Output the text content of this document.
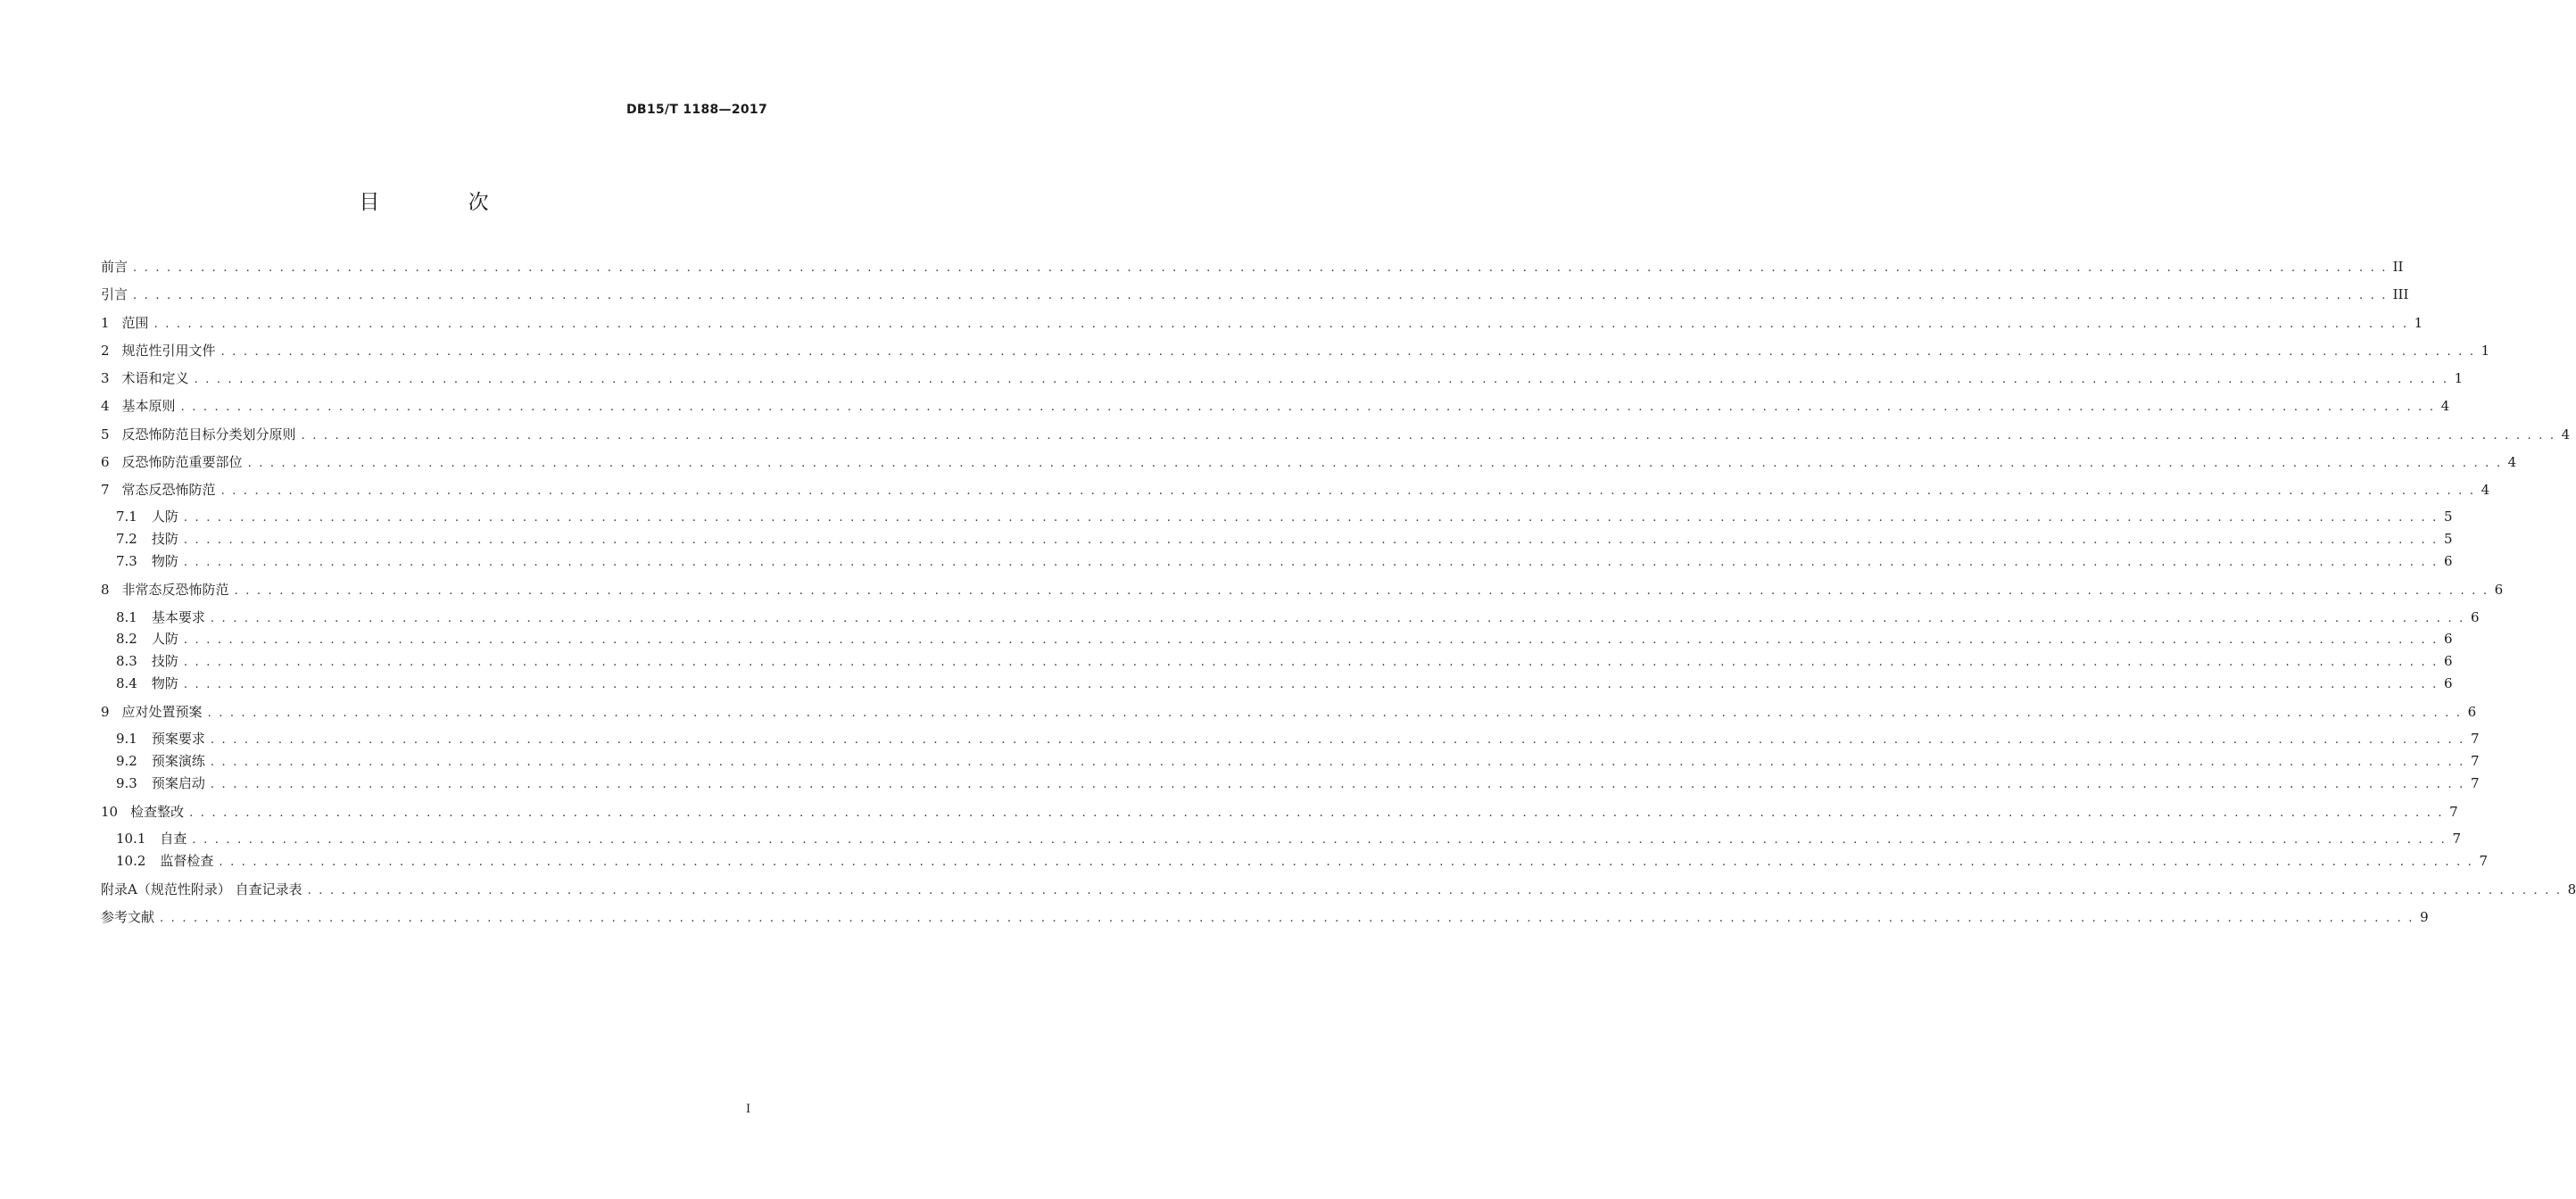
DB15/T 1188—2017
目 次
前言 . . . . . . . . . . . . . . . . . . . . . . . . . . . . . . . . . . . . . . . . . . . . . . . . . . . . . . . . . . . . . . . . . . . . . . . . . . . . . . . . . . . . . . . . . . . . . . . . . . . . . . . . . . . . . . . . . . . . . . . . . . . . . . . . . . . . . . . . . . . . . . . . . . . . . . . . . . . . . . . . . . . . . . . . . . . . . . . . . . . . . . . . . . . . . . . . . . . . . . . . II
引言 . . . . . . . . . . . . . . . . . . . . . . . . . . . . . . . . . . . . . . . . . . . . . . . . . . . . . . . . . . . . . . . . . . . . . . . . . . . . . . . . . . . . . . . . . . . . . . . . . . . . . . . . . . . . . . . . . . . . . . . . . . . . . . . . . . . . . . . . . . . . . . . . . . . . . . . . . . . . . . . . . . . . . . . . . . . . . . . . . . . . . . . . . . . . . . . . . . . . . . . . III
1 范围 . . . . . . . . . . . . . . . . . . . . . . . . . . . . . . . . . . . . . . . . . . . . . . . . . . . . . . . . . . . . . . . . . . . . . . . . . . . . . . . . . . . . . . . . . . . . . . . . . . . . . . . . . . . . . . . . . . . . . . . . . . . . . . . . . . . . . . . . . . . . . . . . . . . . . . . . . . . . . . . . . . . . . . . . . . . . . . . . . . . . . . . . . . . . . . . . . . . . . . . . 1
2 规范性引用文件 . . . . . . . . . . . . . . . . . . . . . . . . . . . . . . . . . . . . . . . . . . . . . . . . . . . . . . . . . . . . . . . . . . . . . . . . . . . . . . . . . . . . . . . . . . . . . . . . . . . . . . . . . . . . . . . . . . . . . . . . . . . . . . . . . . . . . . . . . . . . . . . . . . . . . . . . . . . . . . . . . . . . . . . . . . . . . . . . . . . . . . . . . . . . . . . . . . . . . . . . 1
3 术语和定义 . . . . . . . . . . . . . . . . . . . . . . . . . . . . . . . . . . . . . . . . . . . . . . . . . . . . . . . . . . . . . . . . . . . . . . . . . . . . . . . . . . . . . . . . . . . . . . . . . . . . . . . . . . . . . . . . . . . . . . . . . . . . . . . . . . . . . . . . . . . . . . . . . . . . . . . . . . . . . . . . . . . . . . . . . . . . . . . . . . . . . . . . . . . . . . . . . . . . . . . . 1
4 基本原则 . . . . . . . . . . . . . . . . . . . . . . . . . . . . . . . . . . . . . . . . . . . . . . . . . . . . . . . . . . . . . . . . . . . . . . . . . . . . . . . . . . . . . . . . . . . . . . . . . . . . . . . . . . . . . . . . . . . . . . . . . . . . . . . . . . . . . . . . . . . . . . . . . . . . . . . . . . . . . . . . . . . . . . . . . . . . . . . . . . . . . . . . . . . . . . . . . . . . . . . . 4
5 反恐怖防范目标分类划分原则 . . . . . . . . . . . . . . . . . . . . . . . . . . . . . . . . . . . . . . . . . . . . . . . . . . . . . . . . . . . . . . . . . . . . . . . . . . . . . . . . . . . . . . . . . . . . . . . . . . . . . . . . . . . . . . . . . . . . . . . . . . . . . . . . . . . . . . . . . . . . . . . . . . . . . . . . . . . . . . . . . . . . . . . . . . . . . . . . . . . . . . . . . . . . . . . . . . . . . . . . 4
6 反恐怖防范重要部位 . . . . . . . . . . . . . . . . . . . . . . . . . . . . . . . . . . . . . . . . . . . . . . . . . . . . . . . . . . . . . . . . . . . . . . . . . . . . . . . . . . . . . . . . . . . . . . . . . . . . . . . . . . . . . . . . . . . . . . . . . . . . . . . . . . . . . . . . . . . . . . . . . . . . . . . . . . . . . . . . . . . . . . . . . . . . . . . . . . . . . . . . . . . . . . . . . . . . . . . . 4
7 常态反恐怖防范 . . . . . . . . . . . . . . . . . . . . . . . . . . . . . . . . . . . . . . . . . . . . . . . . . . . . . . . . . . . . . . . . . . . . . . . . . . . . . . . . . . . . . . . . . . . . . . . . . . . . . . . . . . . . . . . . . . . . . . . . . . . . . . . . . . . . . . . . . . . . . . . . . . . . . . . . . . . . . . . . . . . . . . . . . . . . . . . . . . . . . . . . . . . . . . . . . . . . . . . . 4
7.1 人防 . . . . . . . . . . . . . . . . . . . . . . . . . . . . . . . . . . . . . . . . . . . . . . . . . . . . . . . . . . . . . . . . . . . . . . . . . . . . . . . . . . . . . . . . . . . . . . . . . . . . . . . . . . . . . . . . . . . . . . . . . . . . . . . . . . . . . . . . . . . . . . . . . . . . . . . . . . . . . . . . . . . . . . . . . . . . . . . . . . . . . . . . . . . . . . . . . . . . . . . . 5
7.2 技防 . . . . . . . . . . . . . . . . . . . . . . . . . . . . . . . . . . . . . . . . . . . . . . . . . . . . . . . . . . . . . . . . . . . . . . . . . . . . . . . . . . . . . . . . . . . . . . . . . . . . . . . . . . . . . . . . . . . . . . . . . . . . . . . . . . . . . . . . . . . . . . . . . . . . . . . . . . . . . . . . . . . . . . . . . . . . . . . . . . . . . . . . . . . . . . . . . . . . . . . . 5
7.3 物防 . . . . . . . . . . . . . . . . . . . . . . . . . . . . . . . . . . . . . . . . . . . . . . . . . . . . . . . . . . . . . . . . . . . . . . . . . . . . . . . . . . . . . . . . . . . . . . . . . . . . . . . . . . . . . . . . . . . . . . . . . . . . . . . . . . . . . . . . . . . . . . . . . . . . . . . . . . . . . . . . . . . . . . . . . . . . . . . . . . . . . . . . . . . . . . . . . . . . . . . . 6
8 非常态反恐怖防范 . . . . . . . . . . . . . . . . . . . . . . . . . . . . . . . . . . . . . . . . . . . . . . . . . . . . . . . . . . . . . . . . . . . . . . . . . . . . . . . . . . . . . . . . . . . . . . . . . . . . . . . . . . . . . . . . . . . . . . . . . . . . . . . . . . . . . . . . . . . . . . . . . . . . . . . . . . . . . . . . . . . . . . . . . . . . . . . . . . . . . . . . . . . . . . . . . . . . . . . . 6
8.1 基本要求 . . . . . . . . . . . . . . . . . . . . . . . . . . . . . . . . . . . . . . . . . . . . . . . . . . . . . . . . . . . . . . . . . . . . . . . . . . . . . . . . . . . . . . . . . . . . . . . . . . . . . . . . . . . . . . . . . . . . . . . . . . . . . . . . . . . . . . . . . . . . . . . . . . . . . . . . . . . . . . . . . . . . . . . . . . . . . . . . . . . . . . . . . . . . . . . . . . . . . . . . 6
8.2 人防 . . . . . . . . . . . . . . . . . . . . . . . . . . . . . . . . . . . . . . . . . . . . . . . . . . . . . . . . . . . . . . . . . . . . . . . . . . . . . . . . . . . . . . . . . . . . . . . . . . . . . . . . . . . . . . . . . . . . . . . . . . . . . . . . . . . . . . . . . . . . . . . . . . . . . . . . . . . . . . . . . . . . . . . . . . . . . . . . . . . . . . . . . . . . . . . . . . . . . . . . 6
8.3 技防 . . . . . . . . . . . . . . . . . . . . . . . . . . . . . . . . . . . . . . . . . . . . . . . . . . . . . . . . . . . . . . . . . . . . . . . . . . . . . . . . . . . . . . . . . . . . . . . . . . . . . . . . . . . . . . . . . . . . . . . . . . . . . . . . . . . . . . . . . . . . . . . . . . . . . . . . . . . . . . . . . . . . . . . . . . . . . . . . . . . . . . . . . . . . . . . . . . . . . . . . 6
8.4 物防 . . . . . . . . . . . . . . . . . . . . . . . . . . . . . . . . . . . . . . . . . . . . . . . . . . . . . . . . . . . . . . . . . . . . . . . . . . . . . . . . . . . . . . . . . . . . . . . . . . . . . . . . . . . . . . . . . . . . . . . . . . . . . . . . . . . . . . . . . . . . . . . . . . . . . . . . . . . . . . . . . . . . . . . . . . . . . . . . . . . . . . . . . . . . . . . . . . . . . . . . 6
9 应对处置预案 . . . . . . . . . . . . . . . . . . . . . . . . . . . . . . . . . . . . . . . . . . . . . . . . . . . . . . . . . . . . . . . . . . . . . . . . . . . . . . . . . . . . . . . . . . . . . . . . . . . . . . . . . . . . . . . . . . . . . . . . . . . . . . . . . . . . . . . . . . . . . . . . . . . . . . . . . . . . . . . . . . . . . . . . . . . . . . . . . . . . . . . . . . . . . . . . . . . . . . . . 6
9.1 预案要求 . . . . . . . . . . . . . . . . . . . . . . . . . . . . . . . . . . . . . . . . . . . . . . . . . . . . . . . . . . . . . . . . . . . . . . . . . . . . . . . . . . . . . . . . . . . . . . . . . . . . . . . . . . . . . . . . . . . . . . . . . . . . . . . . . . . . . . . . . . . . . . . . . . . . . . . . . . . . . . . . . . . . . . . . . . . . . . . . . . . . . . . . . . . . . . . . . . . . . . . . 7
9.2 预案演练 . . . . . . . . . . . . . . . . . . . . . . . . . . . . . . . . . . . . . . . . . . . . . . . . . . . . . . . . . . . . . . . . . . . . . . . . . . . . . . . . . . . . . . . . . . . . . . . . . . . . . . . . . . . . . . . . . . . . . . . . . . . . . . . . . . . . . . . . . . . . . . . . . . . . . . . . . . . . . . . . . . . . . . . . . . . . . . . . . . . . . . . . . . . . . . . . . . . . . . . . 7
9.3 预案启动 . . . . . . . . . . . . . . . . . . . . . . . . . . . . . . . . . . . . . . . . . . . . . . . . . . . . . . . . . . . . . . . . . . . . . . . . . . . . . . . . . . . . . . . . . . . . . . . . . . . . . . . . . . . . . . . . . . . . . . . . . . . . . . . . . . . . . . . . . . . . . . . . . . . . . . . . . . . . . . . . . . . . . . . . . . . . . . . . . . . . . . . . . . . . . . . . . . . . . . . . 7
10 检查整改 . . . . . . . . . . . . . . . . . . . . . . . . . . . . . . . . . . . . . . . . . . . . . . . . . . . . . . . . . . . . . . . . . . . . . . . . . . . . . . . . . . . . . . . . . . . . . . . . . . . . . . . . . . . . . . . . . . . . . . . . . . . . . . . . . . . . . . . . . . . . . . . . . . . . . . . . . . . . . . . . . . . . . . . . . . . . . . . . . . . . . . . . . . . . . . . . . . . . . . . . 7
10.1 自查 . . . . . . . . . . . . . . . . . . . . . . . . . . . . . . . . . . . . . . . . . . . . . . . . . . . . . . . . . . . . . . . . . . . . . . . . . . . . . . . . . . . . . . . . . . . . . . . . . . . . . . . . . . . . . . . . . . . . . . . . . . . . . . . . . . . . . . . . . . . . . . . . . . . . . . . . . . . . . . . . . . . . . . . . . . . . . . . . . . . . . . . . . . . . . . . . . . . . . . . . 7
10.2 监督检查 . . . . . . . . . . . . . . . . . . . . . . . . . . . . . . . . . . . . . . . . . . . . . . . . . . . . . . . . . . . . . . . . . . . . . . . . . . . . . . . . . . . . . . . . . . . . . . . . . . . . . . . . . . . . . . . . . . . . . . . . . . . . . . . . . . . . . . . . . . . . . . . . . . . . . . . . . . . . . . . . . . . . . . . . . . . . . . . . . . . . . . . . . . . . . . . . . . . . . . . . 7
附录A（规范性附录） 自查记录表 . . . . . . . . . . . . . . . . . . . . . . . . . . . . . . . . . . . . . . . . . . . . . . . . . . . . . . . . . . . . . . . . . . . . . . . . . . . . . . . . . . . . . . . . . . . . . . . . . . . . . . . . . . . . . . . . . . . . . . . . . . . . . . . . . . . . . . . . . . . . . . . . . . . . . . . . . . . . . . . . . . . . . . . . . . . . . . . . . . . . . . . . . . . . . . . . . . . . . . . . 8
参考文献 . . . . . . . . . . . . . . . . . . . . . . . . . . . . . . . . . . . . . . . . . . . . . . . . . . . . . . . . . . . . . . . . . . . . . . . . . . . . . . . . . . . . . . . . . . . . . . . . . . . . . . . . . . . . . . . . . . . . . . . . . . . . . . . . . . . . . . . . . . . . . . . . . . . . . . . . . . . . . . . . . . . . . . . . . . . . . . . . . . . . . . . . . . . . . . . . . . . . . . . . 9
I
